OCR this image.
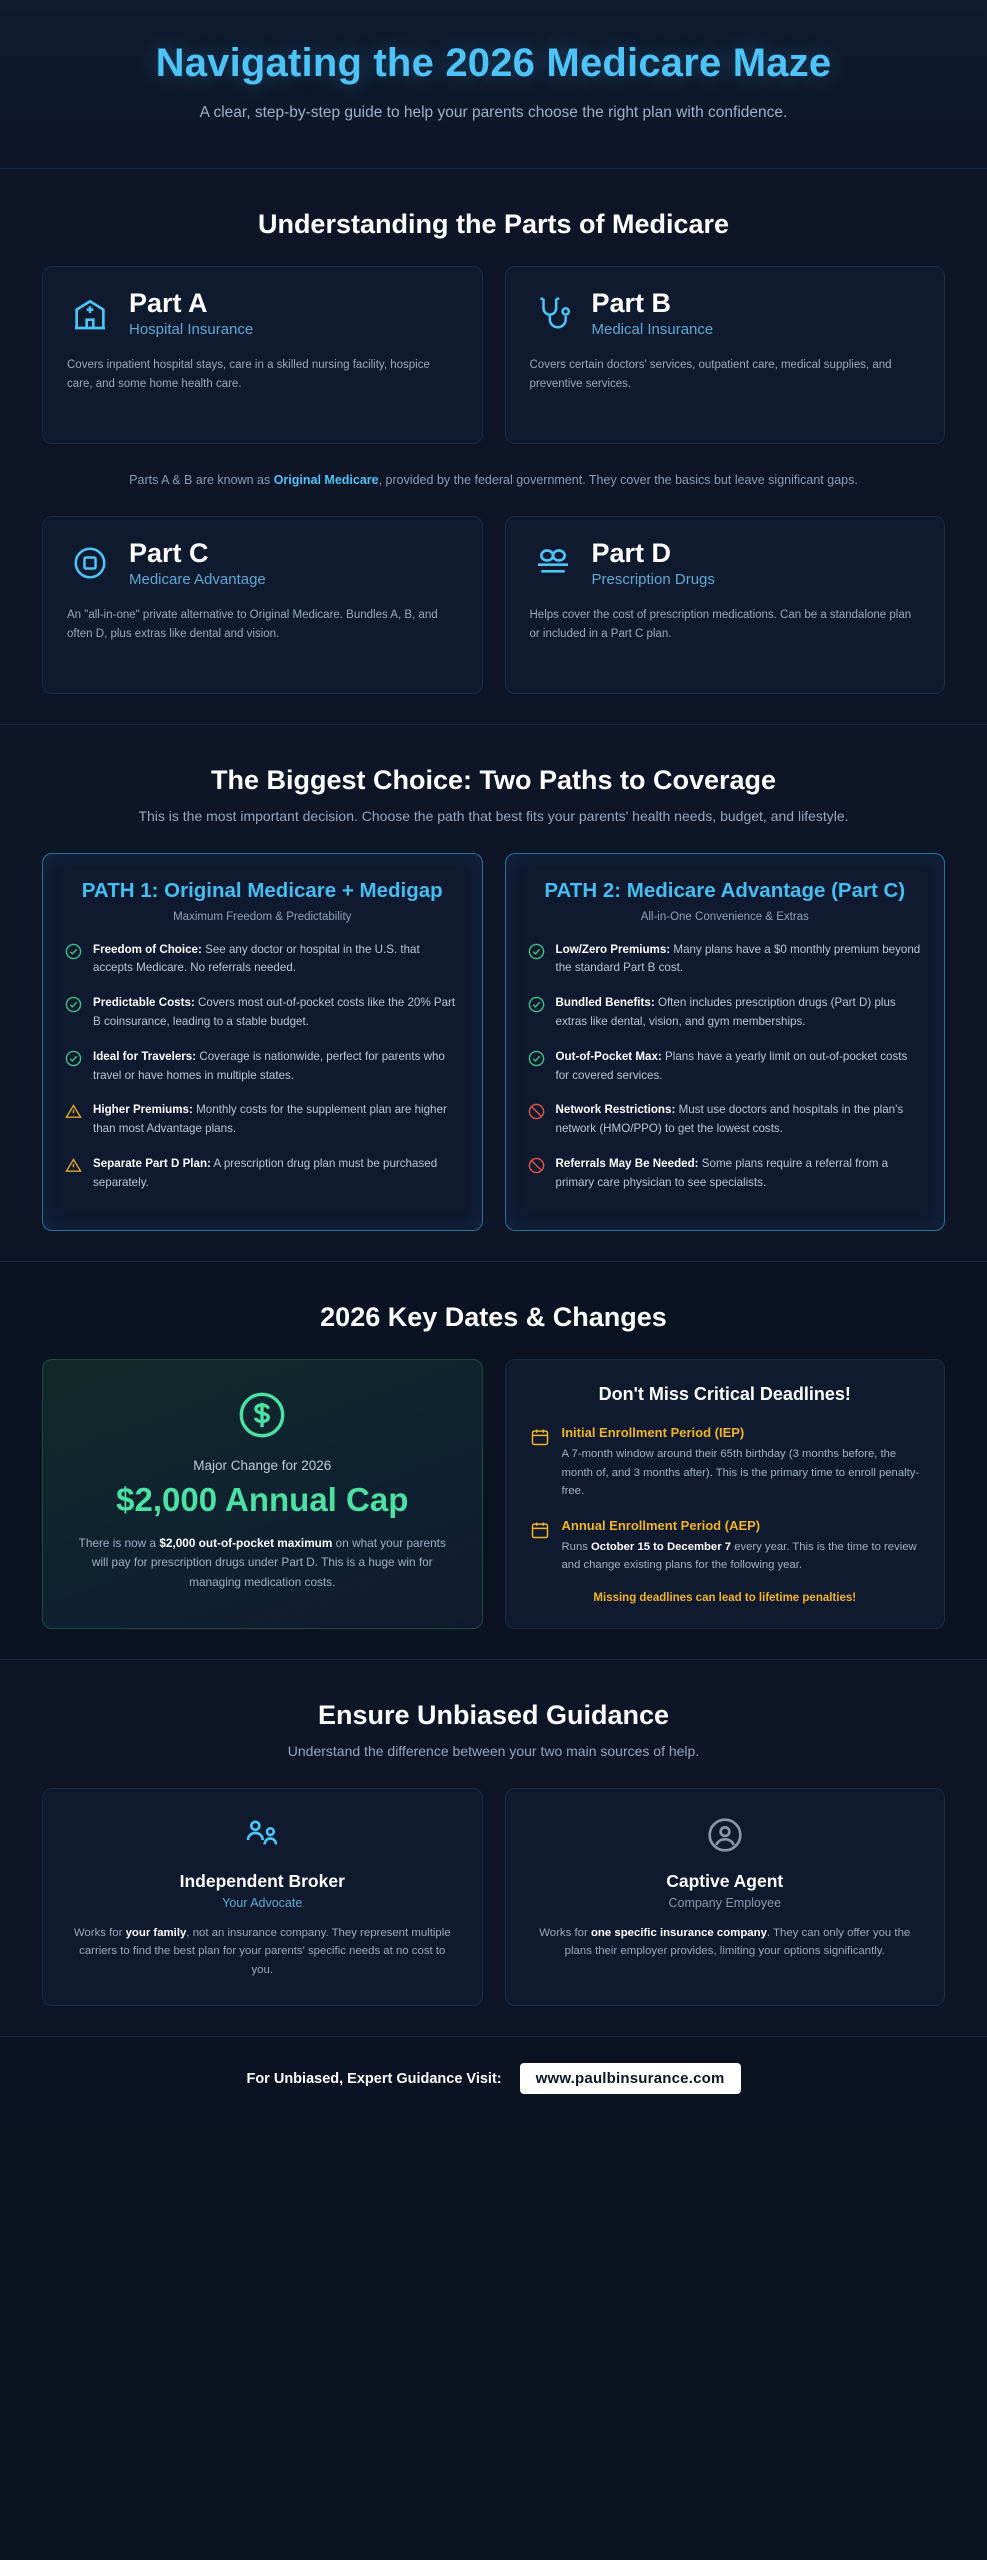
Navigating the 2026 Medicare Maze

A clear, step-by-step guide to help your parents choose the right plan with confidence.

Understanding the Parts of Medicare
Part A
Hospital Insurance
Covers inpatient hospital stays, care in a skilled nursing facility, hospice care, and some home health care.
Part B
Medical Insurance
Covers certain doctors' services, outpatient care, medical supplies, and preventive services.
Parts A & B are known as Original Medicare, provided by the federal government. They cover the basics but leave significant gaps.
Part C
Medicare Advantage
An "all-in-one" private alternative to Original Medicare. Bundles A, B, and often D, plus extras like dental and vision.
Part D
Prescription Drugs
Helps cover the cost of prescription medications. Can be a standalone plan or included in a Part C plan.
The Biggest Choice: Two Paths to Coverage
This is the most important decision. Choose the path that best fits your parents' health needs, budget, and lifestyle.
PATH 1: Original Medicare + Medigap
Maximum Freedom & Predictability
Freedom of Choice: See any doctor or hospital in the U.S. that accepts Medicare. No referrals needed.
Predictable Costs: Covers most out-of-pocket costs like the 20% Part B coinsurance, leading to a stable budget.
Ideal for Travelers: Coverage is nationwide, perfect for parents who travel or have homes in multiple states.
Higher Premiums: Monthly costs for the supplement plan are higher than most Advantage plans.
Separate Part D Plan: A prescription drug plan must be purchased separately.
PATH 2: Medicare Advantage (Part C)
All-in-One Convenience & Extras
Low/Zero Premiums: Many plans have a $0 monthly premium beyond the standard Part B cost.
Bundled Benefits: Often includes prescription drugs (Part D) plus extras like dental, vision, and gym memberships.
Out-of-Pocket Max: Plans have a yearly limit on out-of-pocket costs for covered services.
Network Restrictions: Must use doctors and hospitals in the plan's network (HMO/PPO) to get the lowest costs.
Referrals May Be Needed: Some plans require a referral from a primary care physician to see specialists.
2026 Key Dates & Changes
Major Change for 2026
$2,000 Annual Cap
There is now a $2,000 out-of-pocket maximum on what your parents will pay for prescription drugs under Part D. This is a huge win for managing medication costs.
Don't Miss Critical Deadlines!
Initial Enrollment Period (IEP)
A 7-month window around their 65th birthday (3 months before, the month of, and 3 months after). This is the primary time to enroll penalty-free.
Annual Enrollment Period (AEP)
Runs October 15 to December 7 every year. This is the time to review and change existing plans for the following year.
Missing deadlines can lead to lifetime penalties!
Ensure Unbiased Guidance
Understand the difference between your two main sources of help.
Independent Broker
Your Advocate
Works for your family, not an insurance company. They represent multiple carriers to find the best plan for your parents' specific needs at no cost to you.
Captive Agent
Company Employee
Works for one specific insurance company. They can only offer you the plans their employer provides, limiting your options significantly.
For Unbiased, Expert Guidance Visit:	www.paulbinsurance.com
